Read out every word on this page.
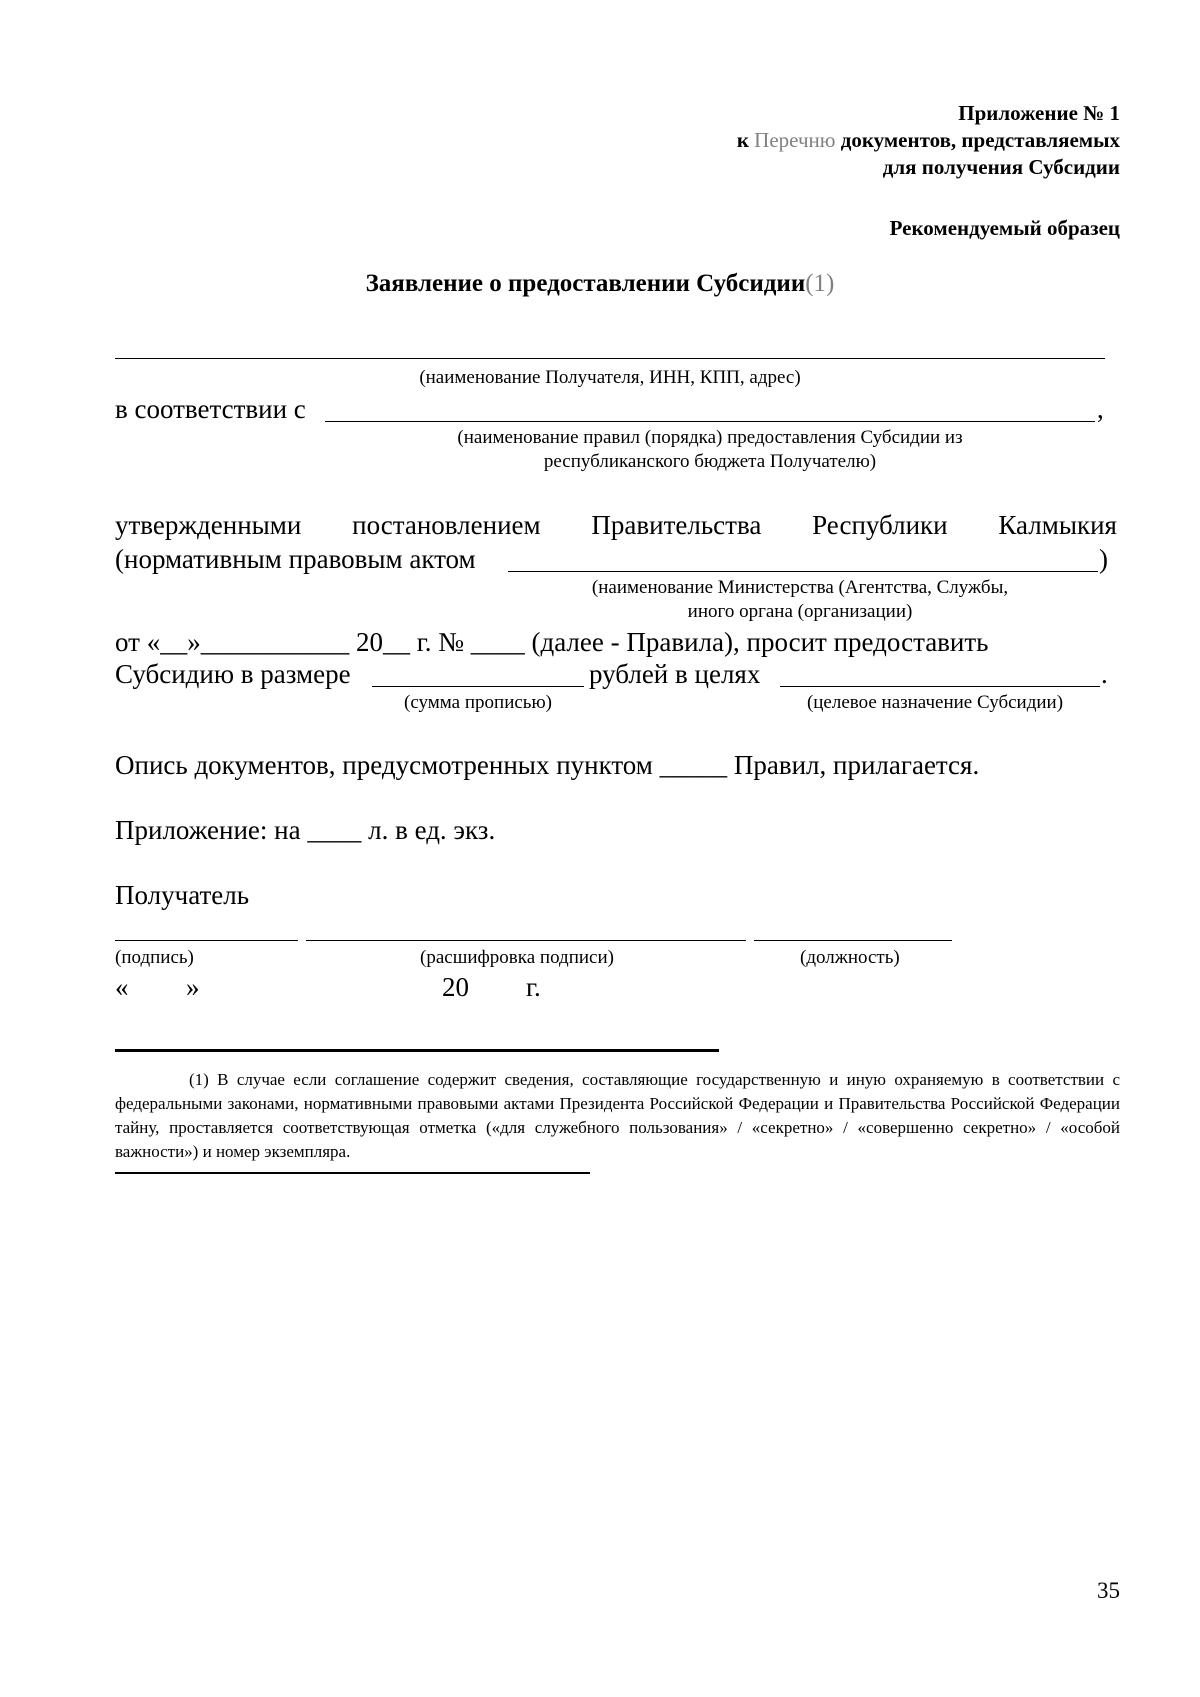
Приложение № 1
к Перечню документов, представляемых
для получения Субсидии
Рекомендуемый образец
Заявление о предоставлении Субсидии(1)
(наименование Получателя, ИНН, КПП, адрес)
в соответствии с	,
(наименование правил (порядка) предоставления Субсидии из
республиканского бюджета Получателю)
утвержденными постановлением Правительства Республики Калмыкия
(нормативным правовым актом	)
(наименование Министерства (Агентства, Службы,
иного органа (организации)
от «__»___________ 20__ г. № ____ (далее - Правила), просит предоставить
Субсидию в размере	рублей в целях	.
(сумма прописью)	(целевое назначение Субсидии)
Опись документов, предусмотренных пунктом _____ Правил, прилагается.
Приложение: на ____ л. в ед. экз.
Получатель
(подпись)	(расшифровка подписи)	(должность)
« »	20 г.
(1) В случае если соглашение содержит сведения, составляющие государственную и иную охраняемую в соответствии с федеральными законами, нормативными правовыми актами Президента Российской Федерации и Правительства Российской Федерации тайну, проставляется соответствующая отметка («для служебного пользования» / «секретно» / «совершенно секретно» / «особой важности») и номер экземпляра.
35
